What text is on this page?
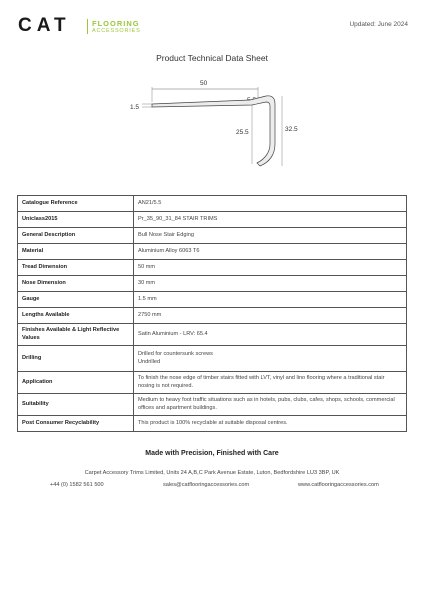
CAT	FLOORING
ACCESSORIES
Updated: June 2024
Product Technical Data Sheet
50
1.5
25.5	32.5
Catalogue Reference	AN21/5.5
Uniclass2015	Pr_35_90_31_84 STAIR TRIMS
General Description	Bull Nose Stair Edging
Material	Aluminium Alloy 6063 T6
Tread Dimension	50 mm
Nose Dimension	30 mm
Gauge	1.5 mm
Lengths Available	2750 mm
Finishes Available & Light Reflective Values	Satin Aluminium - LRV: 65.4
Drilling	Drilled for countersunk screws
Undrilled

Application	To finish the nose edge of timber stairs fitted with LVT, vinyl and lino flooring where a traditional stair nosing is not required.
Suitability	Medium to heavy foot traffic situations such as in hotels, pubs, clubs, cafes, shops, schools, commercial offices and apartment buildings.
Post Consumer Recyclability	This product is 100% recyclable at suitable disposal centres.
Made with Precision, Finished with Care
Carpet Accessory Trims Limited, Units 24 A,B,C Park Avenue Estate, Luton, Bedfordshire LU3 3BP, UK
+44 (0) 1582 561 500	sales@catflooringaccessories.com	www.catflooringaccessories.com
